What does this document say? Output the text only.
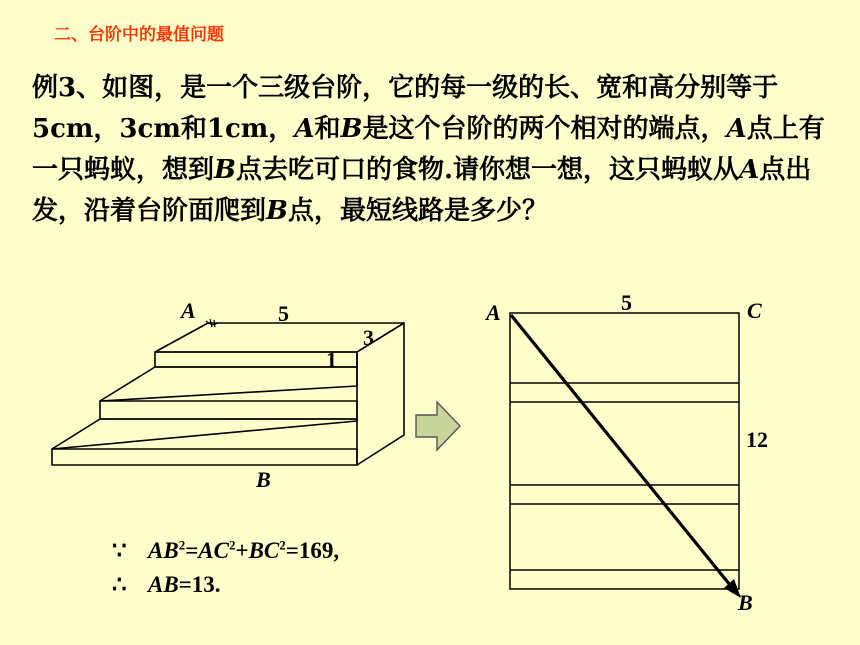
二、台阶中的最值问题
例3、如图，是一个三级台阶，它的每一级的长、宽和高分别等于5cm，3cm和1cm，A和B是这个台阶的两个相对的端点，A点上有一只蚂蚁，想到B点去吃可口的食物.请你想一想，这只蚂蚁从A点出发，沿着台阶面爬到B点，最短线路是多少？
A	5
3
1
B
A	5	C
12
B
∵ $AB^2=AC^2+BC^2=169$,
∴ AB=13.
